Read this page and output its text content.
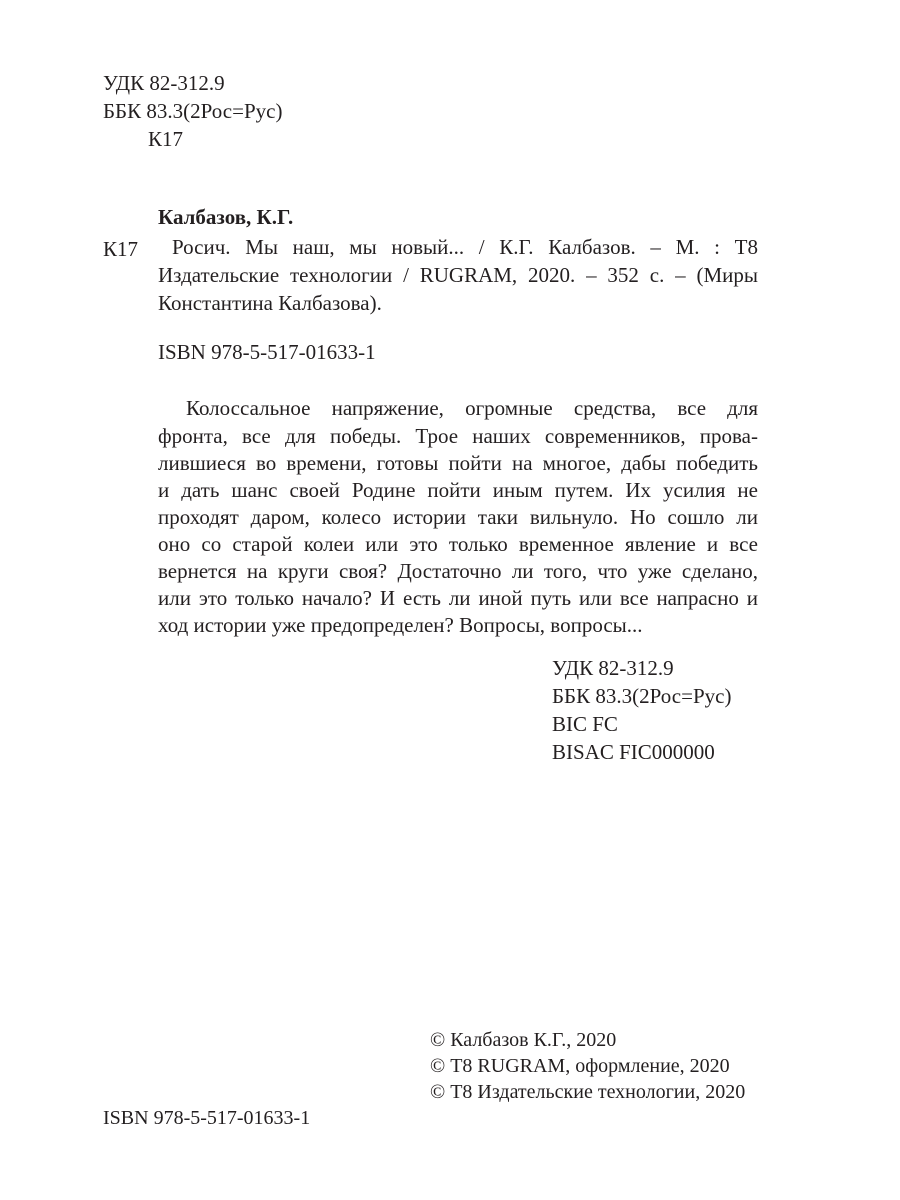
УДК 82-312.9
ББК 83.3(2Рос=Рус)
К17
Калбазов, К.Г.
К17	Росич. Мы наш, мы новый... / К.Г. Калбазов. – М. : Т8
Издательские технологии / RUGRAM, 2020. – 352 с. – (Миры
Константина Калбазова).
ISBN 978-5-517-01633-1
Колоссальное напряжение, огромные средства, все для
фронта, все для победы. Трое наших современников, прова-
лившиеся во времени, готовы пойти на многое, дабы победить
и дать шанс своей Родине пойти иным путем. Их усилия не
проходят даром, колесо истории таки вильнуло. Но сошло ли
оно со старой колеи или это только временное явление и все
вернется на круги своя? Достаточно ли того, что уже сделано,
или это только начало? И есть ли иной путь или все напрасно и
ход истории уже предопределен? Вопросы, вопросы...
УДК 82-312.9
ББК 83.3(2Рос=Рус)
BIC FC
BISAC FIC000000
© Калбазов К.Г., 2020
© Т8 RUGRAM, оформление, 2020
© Т8 Издательские технологии, 2020
ISBN 978-5-517-01633-1
